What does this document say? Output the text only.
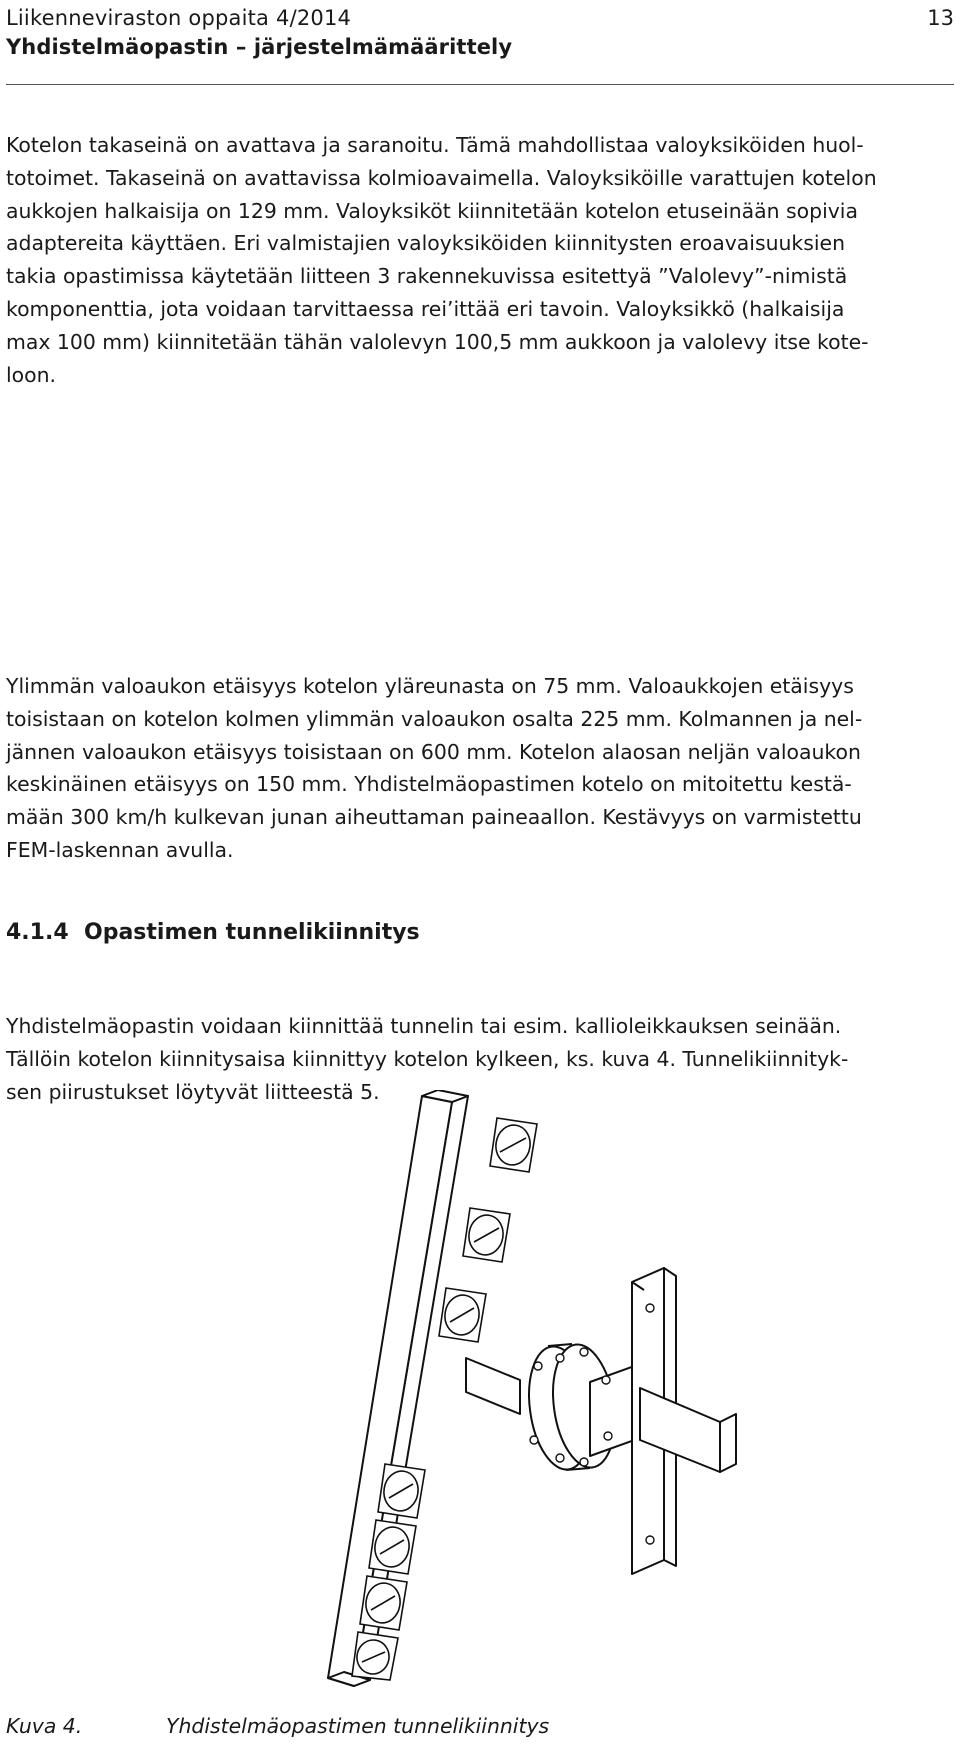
Liikenneviraston oppaita 4/2014
Yhdistelmäopastin – järjestelmämäärittely
13
Kotelon takaseinä on avattava ja saranoitu. Tämä mahdollistaa valoyksiköiden huol-
totoimet. Takaseinä on avattavissa kolmioavaimella. Valoyksiköille varattujen kotelon
aukkojen halkaisija on 129 mm. Valoyksiköt kiinnitetään kotelon etuseinään sopivia
adaptereita käyttäen. Eri valmistajien valoyksiköiden kiinnitysten eroavaisuuksien
takia opastimissa käytetään liitteen 3 rakennekuvissa esitettyä ”Valolevy”-nimistä
komponenttia, jota voidaan tarvittaessa rei’ittää eri tavoin. Valoyksikkö (halkaisija
max 100 mm) kiinnitetään tähän valolevyn 100,5 mm aukkoon ja valolevy itse kote-
loon.
Ylimmän valoaukon etäisyys kotelon yläreunasta on 75 mm. Valoaukkojen etäisyys
toisistaan on kotelon kolmen ylimmän valoaukon osalta 225 mm. Kolmannen ja nel-
jännen valoaukon etäisyys toisistaan on 600 mm. Kotelon alaosan neljän valoaukon
keskinäinen etäisyys on 150 mm. Yhdistelmäopastimen kotelo on mitoitettu kestä-
mään 300 km/h kulkevan junan aiheuttaman paineaallon. Kestävyys on varmistettu
FEM-laskennan avulla.
4.1.4 Opastimen tunnelikiinnitys
Yhdistelmäopastin voidaan kiinnittää tunnelin tai esim. kallioleikkauksen seinään.
Tällöin kotelon kiinnitysaisa kiinnittyy kotelon kylkeen, ks. kuva 4. Tunnelikiinnityk-
sen piirustukset löytyvät liitteestä 5.
Kuva 4.	Yhdistelmäopastimen tunnelikiinnitys
